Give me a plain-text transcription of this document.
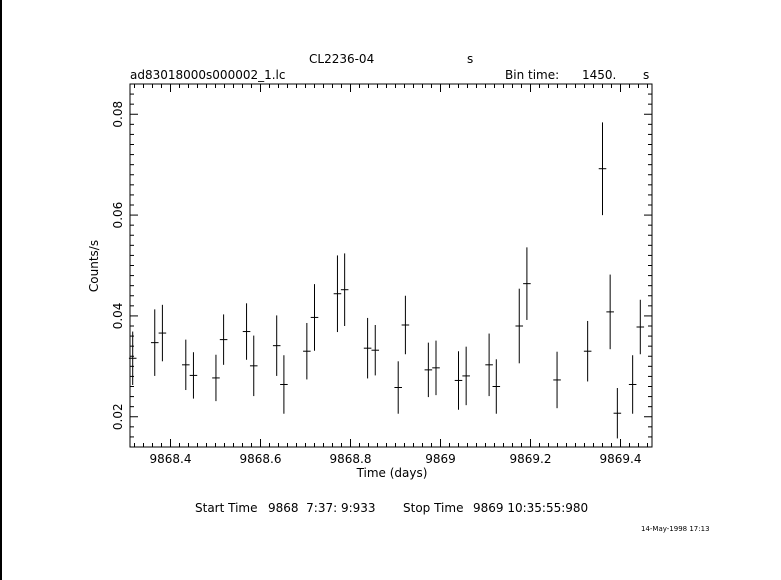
CL2236-04	s
ad83018000s000002_1.lc	Bin time: 1450. s
9868.4	9868.6	9868.8	9869	9869.2	9869.4
0.02
0.04
0.06
0.08
Time (days)
Counts/s
Start Time 9868  7:37: 9:933 Stop Time 9869 10:35:55:980
14-May-1998 17:13
